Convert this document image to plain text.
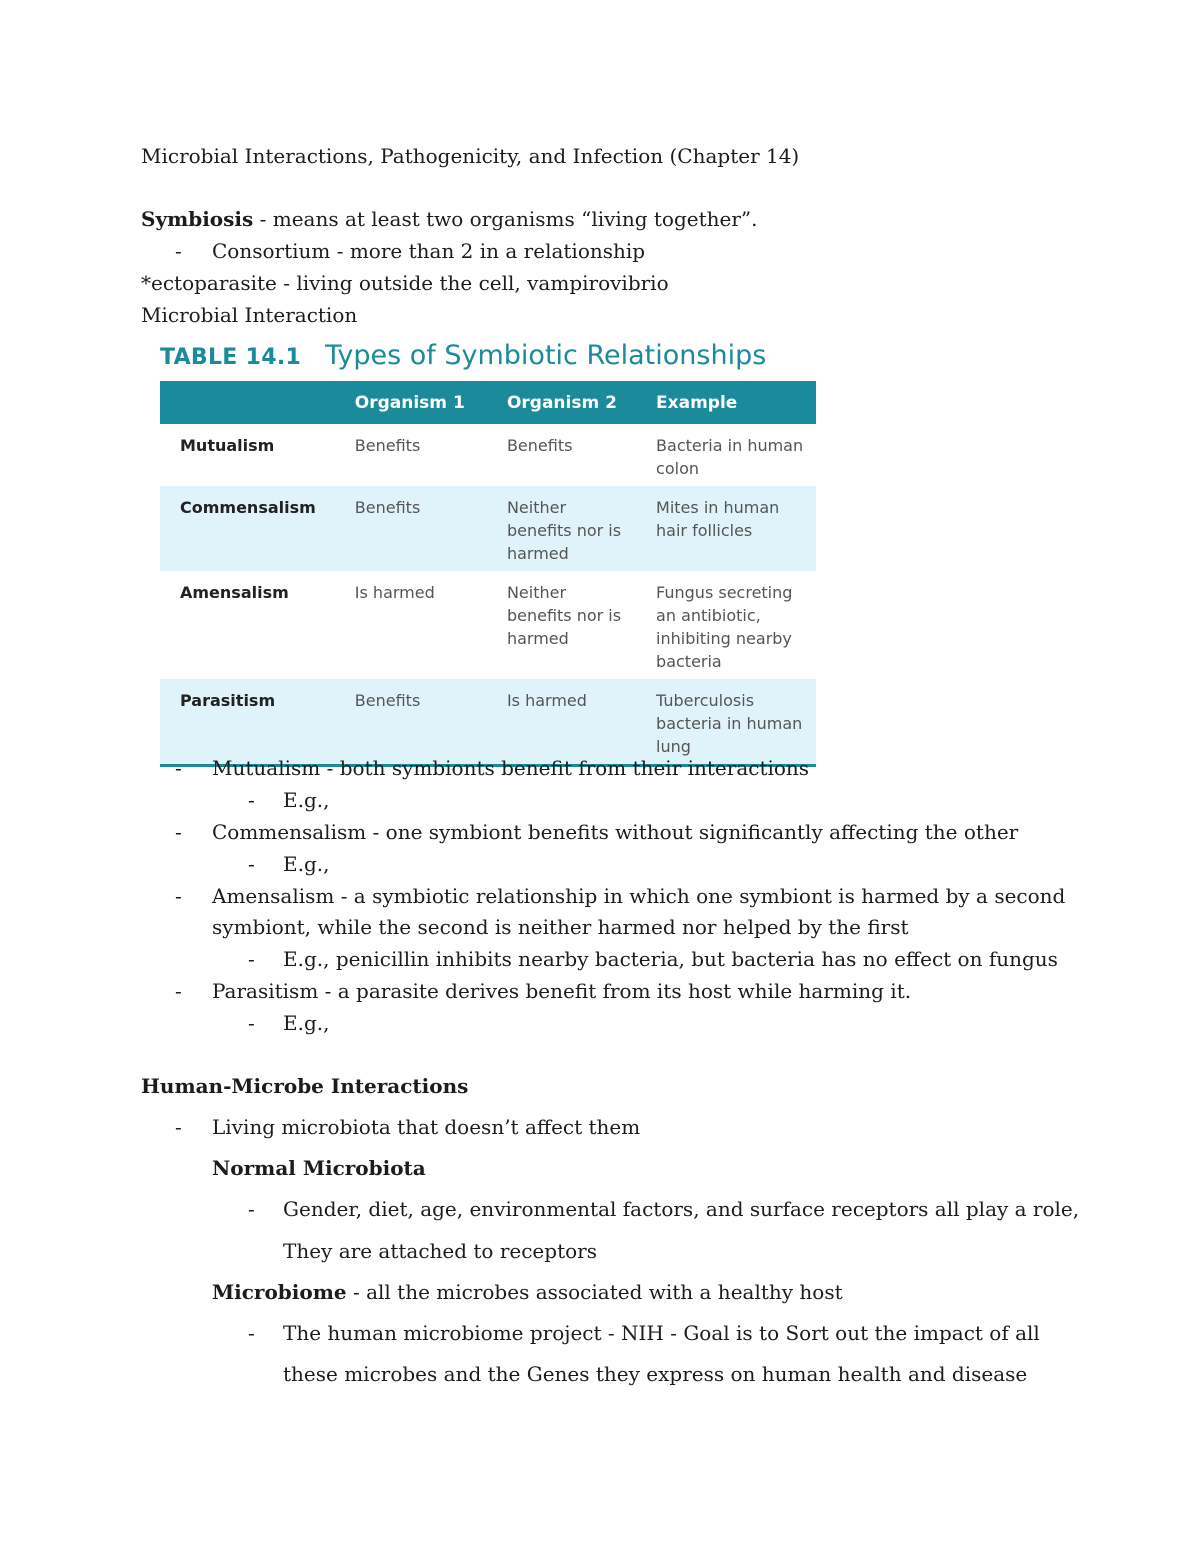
Microbial Interactions, Pathogenicity, and Infection (Chapter 14)
Symbiosis - means at least two organisms “living together”.
- Consortium - more than 2 in a relationship
*ectoparasite - living outside the cell, vampirovibrio
Microbial Interaction
TABLE 14.1 Types of Symbiotic Relationships
	Organism 1	Organism 2	Example
Mutualism	Benefits	Benefits	Bacteria in human colon
Commensalism	Benefits	Neither benefits nor is harmed	Mites in human hair follicles
Amensalism	Is harmed	Neither benefits nor is harmed	Fungus secreting an antibiotic, inhibiting nearby bacteria
Parasitism	Benefits	Is harmed	Tuberculosis bacteria in human lung
- Mutualism - both symbionts benefit from their interactions
- E.g.,
- Commensalism - one symbiont benefits without significantly affecting the other
- E.g.,
- Amensalism - a symbiotic relationship in which one symbiont is harmed by a second
symbiont, while the second is neither harmed nor helped by the first
- E.g., penicillin inhibits nearby bacteria, but bacteria has no effect on fungus
- Parasitism - a parasite derives benefit from its host while harming it.
- E.g.,
Human-Microbe Interactions
- Living microbiota that doesn’t affect them
Normal Microbiota
- Gender, diet, age, environmental factors, and surface receptors all play a role,
They are attached to receptors
Microbiome - all the microbes associated with a healthy host
- The human microbiome project - NIH - Goal is to Sort out the impact of all
these microbes and the Genes they express on human health and disease
